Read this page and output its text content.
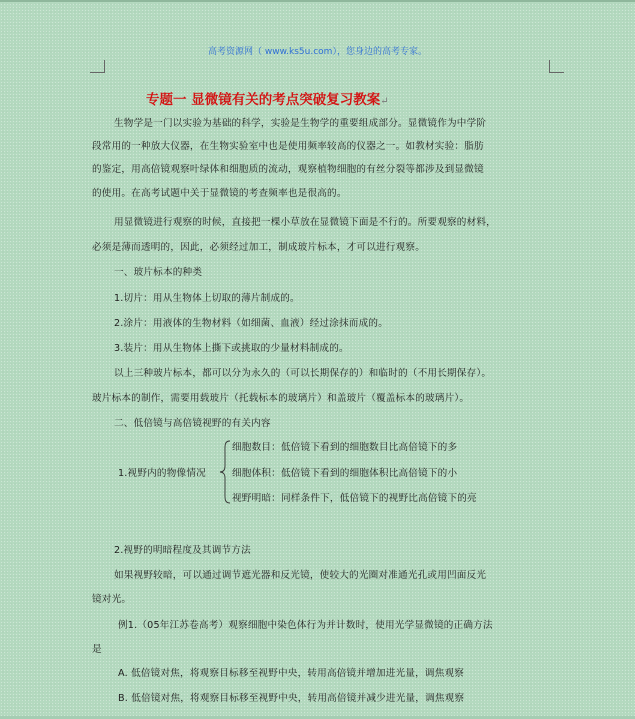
高考资源网（ www.ks5u.com），您身边的高考专家。
专题一 显微镜有关的考点突破复习教案↵
生物学是一门以实验为基础的科学，实验是生物学的重要组成部分。显微镜作为中学阶
段常用的一种放大仪器，在生物实验室中也是使用频率较高的仪器之一。如教材实验：脂肪
的鉴定，用高倍镜观察叶绿体和细胞质的流动，观察植物细胞的有丝分裂等都涉及到显微镜
的使用。在高考试题中关于显微镜的考查频率也是很高的。
用显微镜进行观察的时候，直接把一棵小草放在显微镜下面是不行的。所要观察的材料，
必须是薄而透明的，因此，必须经过加工，制成玻片标本，才可以进行观察。
一、玻片标本的种类
1.切片：用从生物体上切取的薄片制成的。
2.涂片：用液体的生物材料（如细菌、血液）经过涂抹而成的。
3.装片：用从生物体上撕下或挑取的少量材料制成的。
以上三种玻片标本，都可以分为永久的（可以长期保存的）和临时的（不用长期保存）。
玻片标本的制作，需要用载玻片（托载标本的玻璃片）和盖玻片（覆盖标本的玻璃片）。
二、低倍镜与高倍镜视野的有关内容
细胞数目：低倍镜下看到的细胞数目比高倍镜下的多
1.视野内的物像情况	细胞体积：低倍镜下看到的细胞体积比高倍镜下的小
视野明暗：同样条件下，低倍镜下的视野比高倍镜下的亮
2.视野的明暗程度及其调节方法
如果视野较暗，可以通过调节遮光器和反光镜，使较大的光圈对准通光孔或用凹面反光
镜对光。
例1.（05年江苏卷高考）观察细胞中染色体行为并计数时，使用光学显微镜的正确方法
是
A. 低倍镜对焦，将观察目标移至视野中央，转用高倍镜并增加进光量，调焦观察
B. 低倍镜对焦，将观察目标移至视野中央，转用高倍镜并减少进光量，调焦观察
